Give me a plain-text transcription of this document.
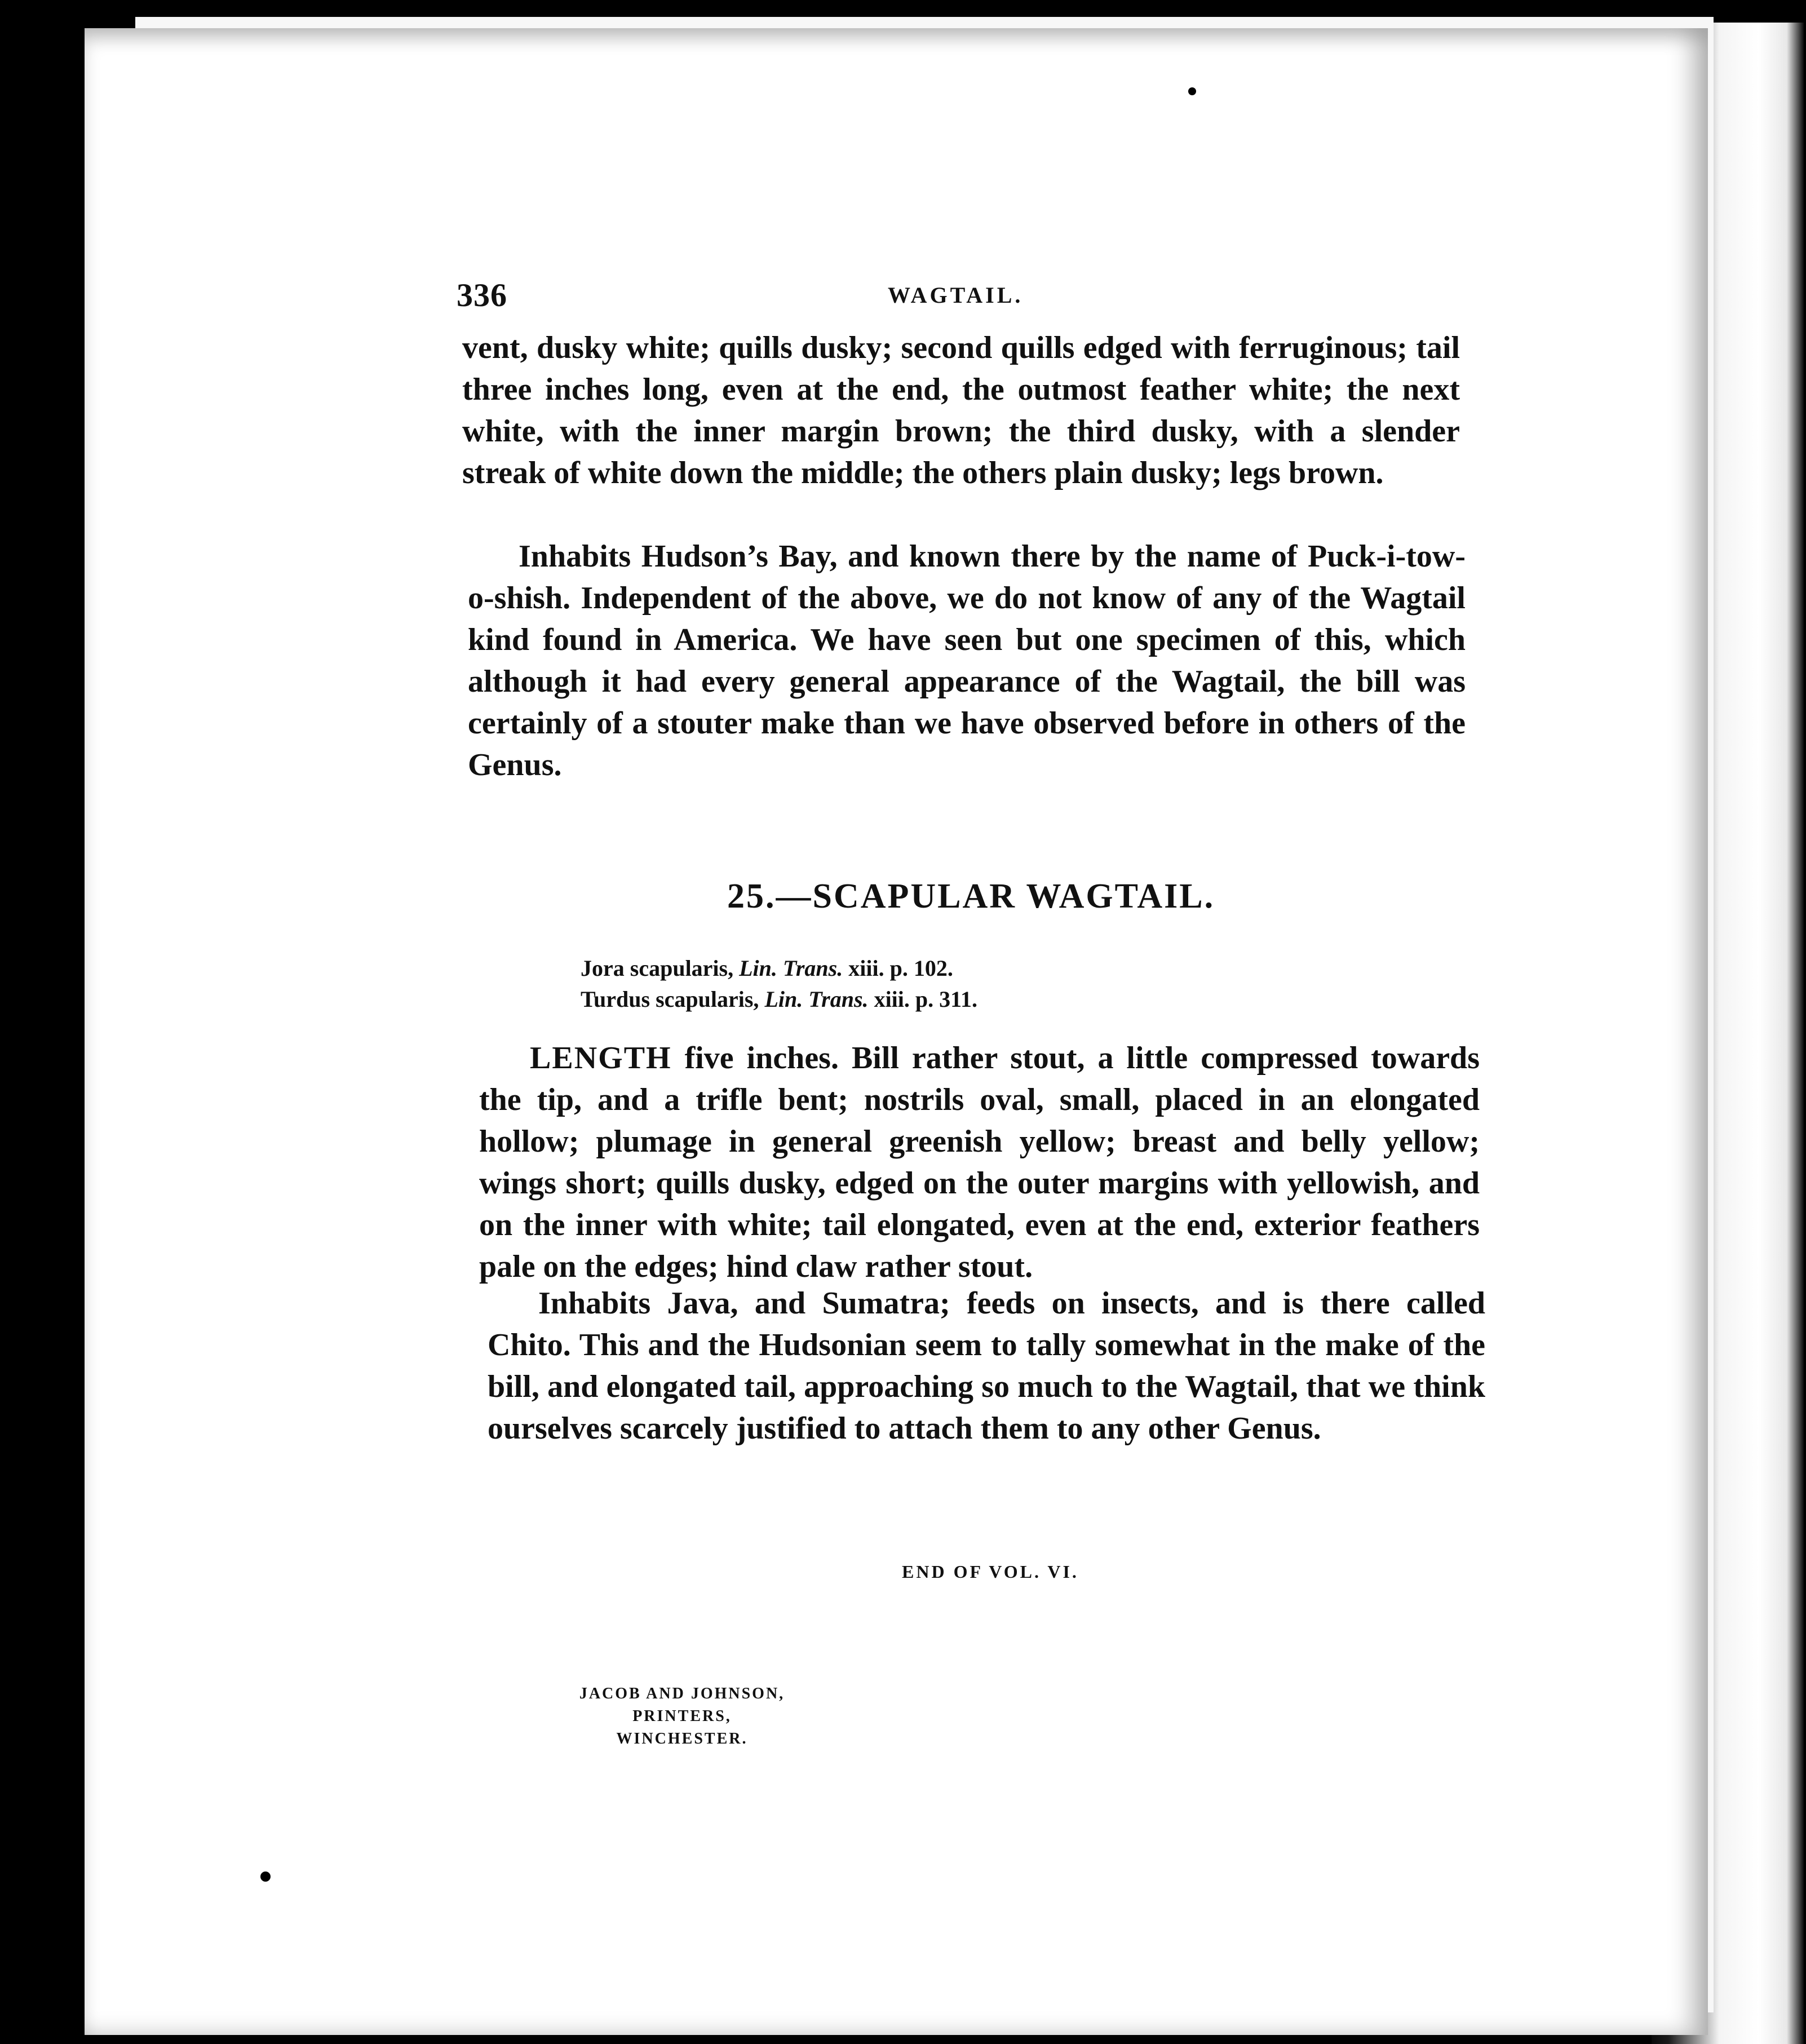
336	WAGTAIL.

vent, dusky white; quills dusky; second quills edged with ferruginous; tail three inches long, even at the end, the outmost feather white; the next white, with the inner margin brown; the third dusky, with a slender streak of white down the middle; the others plain dusky; legs brown.

Inhabits Hudson’s Bay, and known there by the name of Puck-i-tow-o-shish. Independent of the above, we do not know of any of the Wagtail kind found in America. We have seen but one specimen of this, which although it had every general appearance of the Wagtail, the bill was certainly of a stouter make than we have observed before in others of the Genus.

25.—SCAPULAR WAGTAIL.
Jora scapularis, Lin. Trans. xiii. p. 102.
Turdus scapularis, Lin. Trans. xiii. p. 311.

LENGTH five inches. Bill rather stout, a little compressed towards the tip, and a trifle bent; nostrils oval, small, placed in an elongated hollow; plumage in general greenish yellow; breast and belly yellow; wings short; quills dusky, edged on the outer margins with yellowish, and on the inner with white; tail elongated, even at the end, exterior feathers pale on the edges; hind claw rather stout.

Inhabits Java, and Sumatra; feeds on insects, and is there called Chito. This and the Hudsonian seem to tally somewhat in the make of the bill, and elongated tail, approaching so much to the Wagtail, that we think ourselves scarcely justified to attach them to any other Genus.

END OF VOL. VI.
JACOB AND JOHNSON, PRINTERS,
WINCHESTER.
